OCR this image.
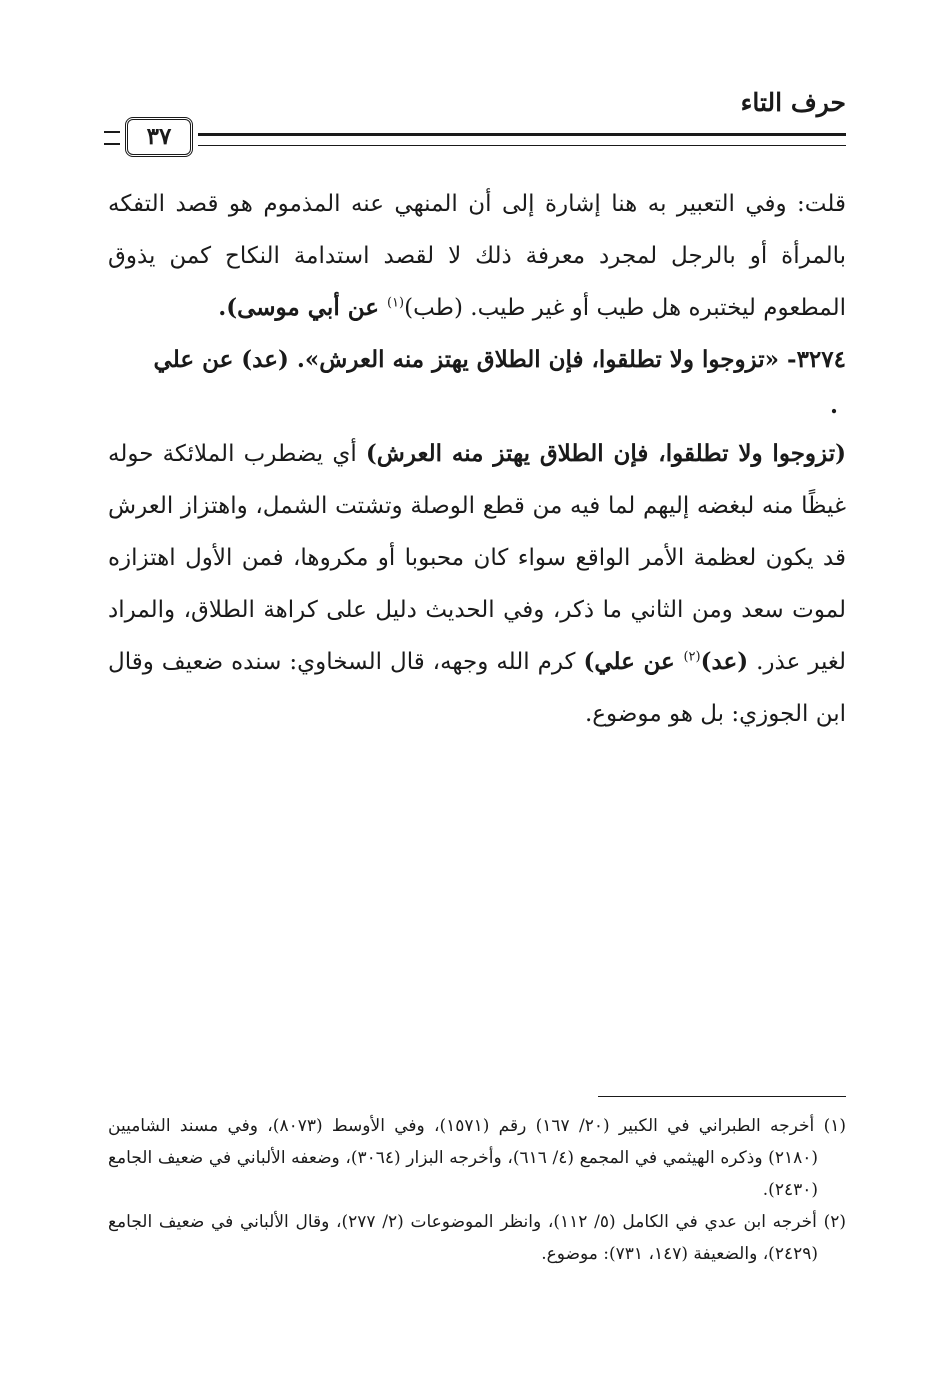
حرف التاء
٣٧
قلت: وفي التعبير به هنا إشارة إلى أن المنهي عنه المذموم هو قصد التفكه بالمرأة أو بالرجل لمجرد معرفة ذلك لا لقصد استدامة النكاح كمن يذوق المطعوم ليختبره هل طيب أو غير طيب. (طب)$^{(١)}$ عن أبي موسى).
٣٢٧٤- «تزوجوا ولا تطلقوا، فإن الطلاق يهتز منه العرش». (عد) عن علي
.
(تزوجوا ولا تطلقوا، فإن الطلاق يهتز منه العرش) أي يضطرب الملائكة حوله غيظًا منه لبغضه إليهم لما فيه من قطع الوصلة وتشتت الشمل، واهتزاز العرش قد يكون لعظمة الأمر الواقع سواء كان محبوبا أو مكروها، فمن الأول اهتزازه لموت سعد ومن الثاني ما ذكر، وفي الحديث دليل على كراهة الطلاق، والمراد لغير عذر. (عد)$^{(٢)}$ عن علي) كرم الله وجهه، قال السخاوي: سنده ضعيف وقال ابن الجوزي: بل هو موضوع.

(١) أخرجه الطبراني في الكبير (٢٠/ ١٦٧) رقم (١٥٧١)، وفي الأوسط (٨٠٧٣)، وفي مسند الشاميين (٢١٨٠) وذكره الهيثمي في المجمع (٤/ ٦١٦)، وأخرجه البزار (٣٠٦٤)، وضعفه الألباني في ضعيف الجامع (٢٤٣٠).

(٢) أخرجه ابن عدي في الكامل (٥/ ١١٢)، وانظر الموضوعات (٢/ ٢٧٧)، وقال الألباني في ضعيف الجامع (٢٤٢٩)، والضعيفة (١٤٧، ٧٣١): موضوع.
